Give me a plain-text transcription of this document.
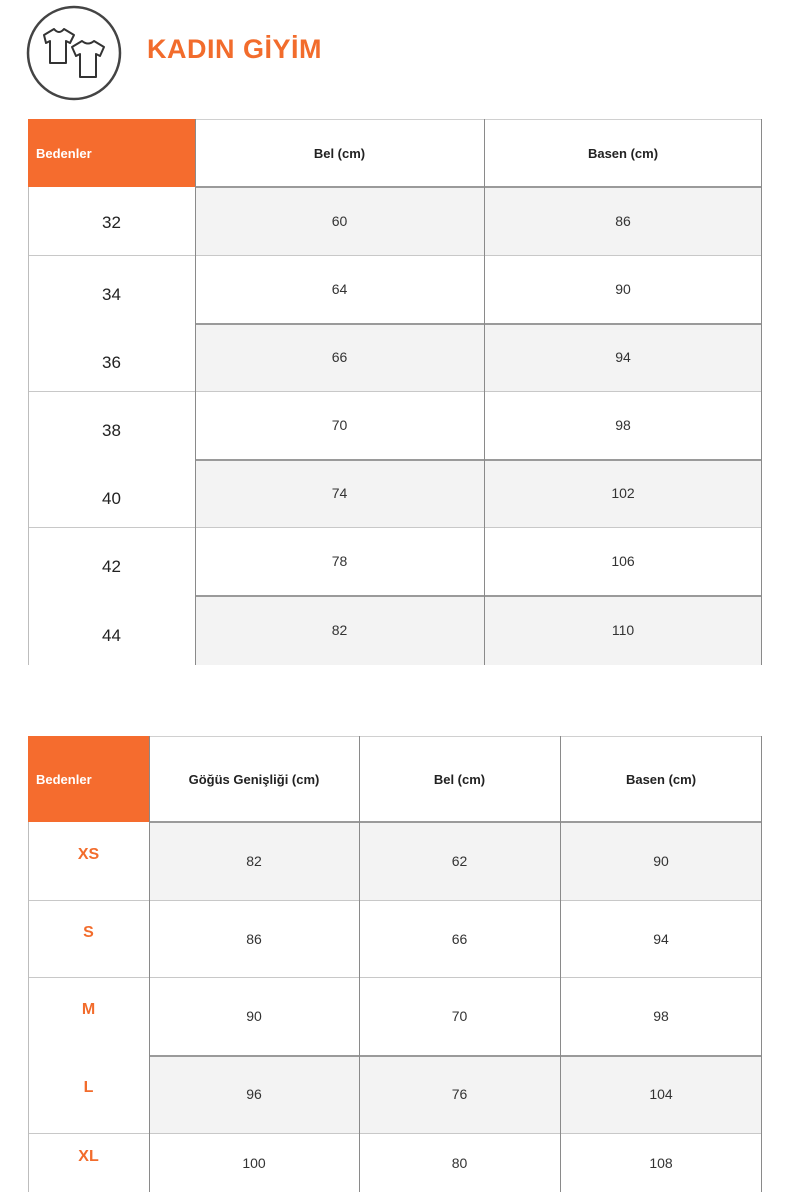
KADIN GİYİM
Bedenler	Bel (cm)	Basen (cm)
32	60	86
34	64	90
36	66	94
38	70	98
40	74	102
42	78	106
44	82	110
Bedenler	Göğüs Genişliği (cm)	Bel (cm)	Basen (cm)
XS	82	62	90
S	86	66	94
M	90	70	98
L	96	76	104
XL	100	80	108
